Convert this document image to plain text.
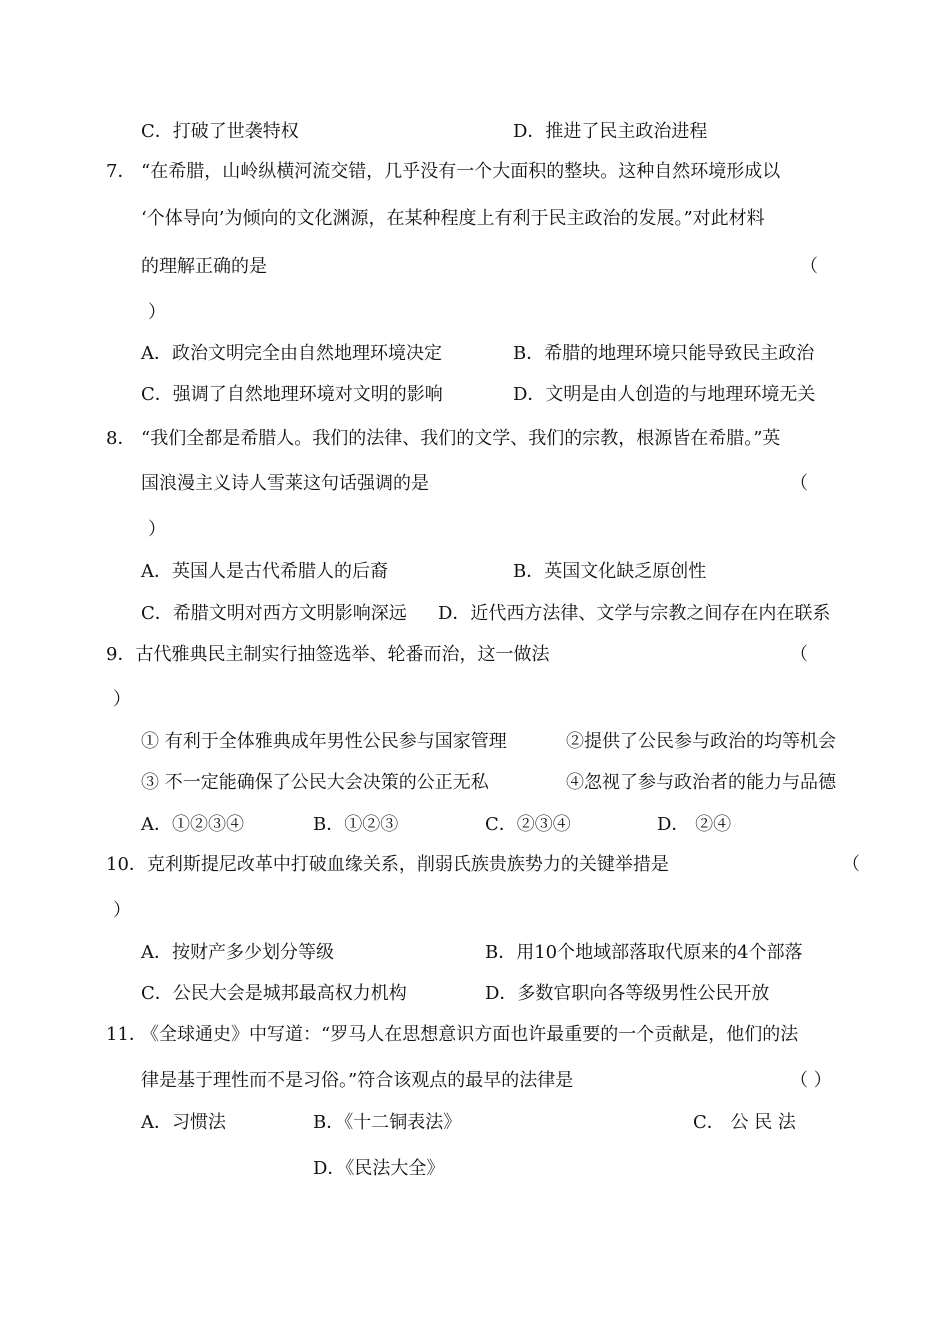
C．打破了世袭特权	D．推进了民主政治进程
7． “在希腊，山岭纵横河流交错，几乎没有一个大面积的整块。这种自然环境形成以
‘个体导向’为倾向的文化渊源，在某种程度上有利于民主政治的发展。”对此材料
的理解正确的是	（
）
A．政治文明完全由自然地理环境决定	B．希腊的地理环境只能导致民主政治
C．强调了自然地理环境对文明的影响	D．文明是由人创造的与地理环境无关
8． “我们全都是希腊人。我们的法律、我们的文学、我们的宗教，根源皆在希腊。”英
国浪漫主义诗人雪莱这句话强调的是	（
）
A．英国人是古代希腊人的后裔	B．英国文化缺乏原创性
C．希腊文明对西方文明影响深远 D．近代西方法律、文学与宗教之间存在内在联系
9．古代雅典民主制实行抽签选举、轮番而治，这一做法	（
）
① 有利于全体雅典成年男性公民参与国家管理	②提供了公民参与政治的均等机会
③ 不一定能确保了公民大会决策的公正无私	④忽视了参与政治者的能力与品德
A．①②③④	B．①②③	C．②③④	D． ②④
10．克利斯提尼改革中打破血缘关系，削弱氏族贵族势力的关键举措是	（
）
A．按财产多少划分等级	B．用10个地域部落取代原来的4个部落
C．公民大会是城邦最高权力机构	D．多数官职向各等级男性公民开放
11．
《全球通史》中写道：“罗马人在思想意识方面也许最重要的一个贡献是，他们的法
律是基于理性而不是习俗。”符合该观点的最早的法律是	（ ）
A．习惯法	B．《十二铜表法》	C． 公 民 法
D．《民法大全》
